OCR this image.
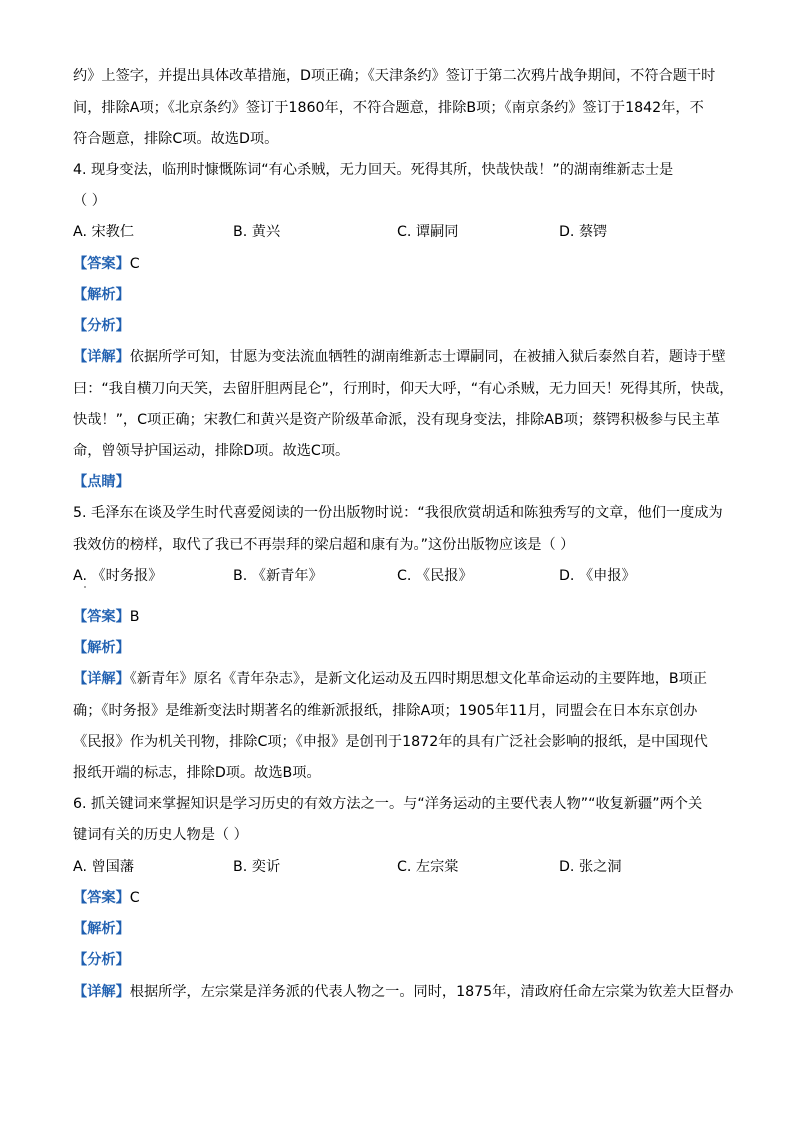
约》上签字，并提出具体改革措施，D项正确；《天津条约》签订于第二次鸦片战争期间，不符合题干时
间，排除A项；《北京条约》签订于1860年，不符合题意，排除B项；《南京条约》签订于1842年，不
符合题意，排除C项。故选D项。
4. 现身变法，临刑时慷慨陈词“有心杀贼，无力回天。死得其所，快哉快哉！”的湖南维新志士是
（ ）
A. 宋教仁	B. 黄兴	C. 谭嗣同	D. 蔡锷
【答案】C
【解析】
【分析】
【详解】依据所学可知，甘愿为变法流血牺牲的湖南维新志士谭嗣同，在被捕入狱后泰然自若，题诗于壁
曰：“我自横刀向天笑，去留肝胆两昆仑”，行刑时，仰天大呼，“有心杀贼，无力回天！死得其所，快哉，
快哉！”，C项正确；宋教仁和黄兴是资产阶级革命派，没有现身变法，排除AB项；蔡锷积极参与民主革
命，曾领导护国运动，排除D项。故选C项。
【点睛】
5. 毛泽东在谈及学生时代喜爱阅读的一份出版物时说：“我很欣赏胡适和陈独秀写的文章，他们一度成为
我效仿的榜样，取代了我已不再崇拜的梁启超和康有为。”这份出版物应该是（ ）
A. 《时务报》	B. 《新青年》	C. 《民报》	D. 《申报》
【答案】B
【解析】
【详解】《新青年》原名《青年杂志》，是新文化运动及五四时期思想文化革命运动的主要阵地，B项正
确；《时务报》是维新变法时期著名的维新派报纸，排除A项；1905年11月，同盟会在日本东京创办
《民报》作为机关刊物，排除C项；《申报》是创刊于1872年的具有广泛社会影响的报纸，是中国现代
报纸开端的标志，排除D项。故选B项。
6. 抓关键词来掌握知识是学习历史的有效方法之一。与“洋务运动的主要代表人物”“收复新疆”两个关
键词有关的历史人物是（ ）
A. 曾国藩	B. 奕䜣	C. 左宗棠	D. 张之洞
【答案】C
【解析】
【分析】
【详解】根据所学，左宗棠是洋务派的代表人物之一。同时，1875年，清政府任命左宗棠为钦差大臣督办
